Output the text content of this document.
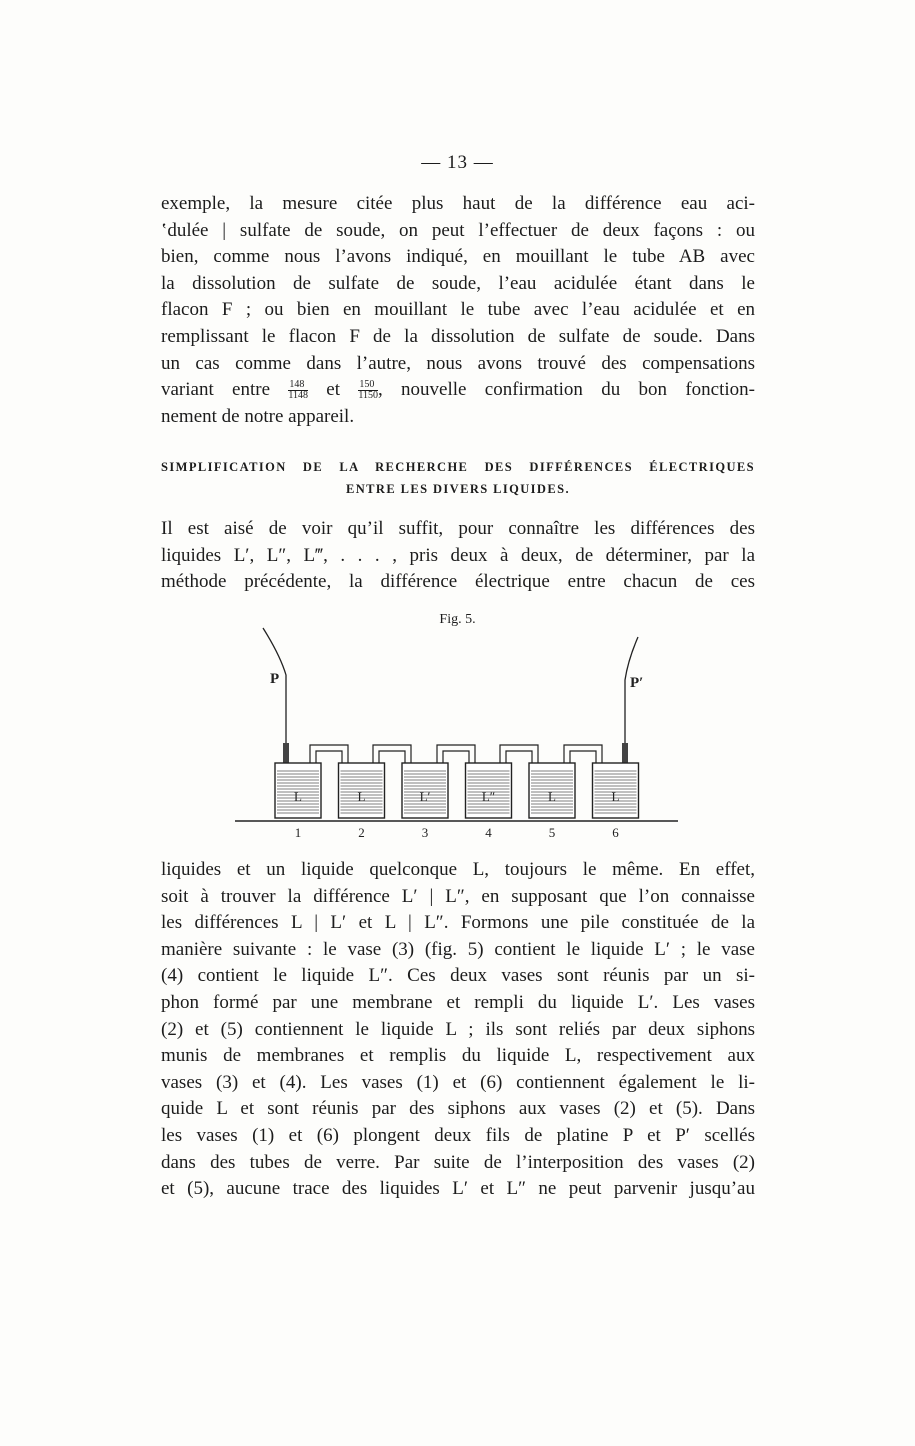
— 13 —
exemple, la mesure citée plus haut de la différence eau aci-
‛dulée | sulfate de soude, on peut l’effectuer de deux façons : ou
bien, comme nous l’avons indiqué, en mouillant le tube AB avec
la dissolution de sulfate de soude, l’eau acidulée étant dans le
flacon F ; ou bien en mouillant le tube avec l’eau acidulée et en
remplissant le flacon F de la dissolution de sulfate de soude. Dans
un cas comme dans l’autre, nous avons trouvé des compensations
variant entre $\frac{148}{1148}$ et $\frac{150}{1150}$ , nouvelle confirmation du bon fonction-
nement de notre appareil.
SIMPLIFICATION DE LA RECHERCHE DES DIFFÉRENCES ÉLECTRIQUES
ENTRE LES DIVERS LIQUIDES.
Il est aisé de voir qu’il suffit, pour connaître les différences des
liquides L′, L″, L‴, . . . , pris deux à deux, de déterminer, par la
méthode précédente, la différence électrique entre chacun de ces
Fig. 5.
P	P′
L	L	L′	L″	L	L
1	2	3	4	5	6
liquides et un liquide quelconque L, toujours le même. En effet,
soit à trouver la différence L′ | L″, en supposant que l’on connaisse
les différences L | L′ et L | L″. Formons une pile constituée de la
manière suivante : le vase (3) (fig. 5) contient le liquide L′ ; le vase
(4) contient le liquide L″. Ces deux vases sont réunis par un si-
phon formé par une membrane et rempli du liquide L′. Les vases
(2) et (5) contiennent le liquide L ; ils sont reliés par deux siphons
munis de membranes et remplis du liquide L, respectivement aux
vases (3) et (4). Les vases (1) et (6) contiennent également le li-
quide L et sont réunis par des siphons aux vases (2) et (5). Dans
les vases (1) et (6) plongent deux fils de platine P et P′ scellés
dans des tubes de verre. Par suite de l’interposition des vases (2)
et (5), aucune trace des liquides L′ et L″ ne peut parvenir jusqu’au
